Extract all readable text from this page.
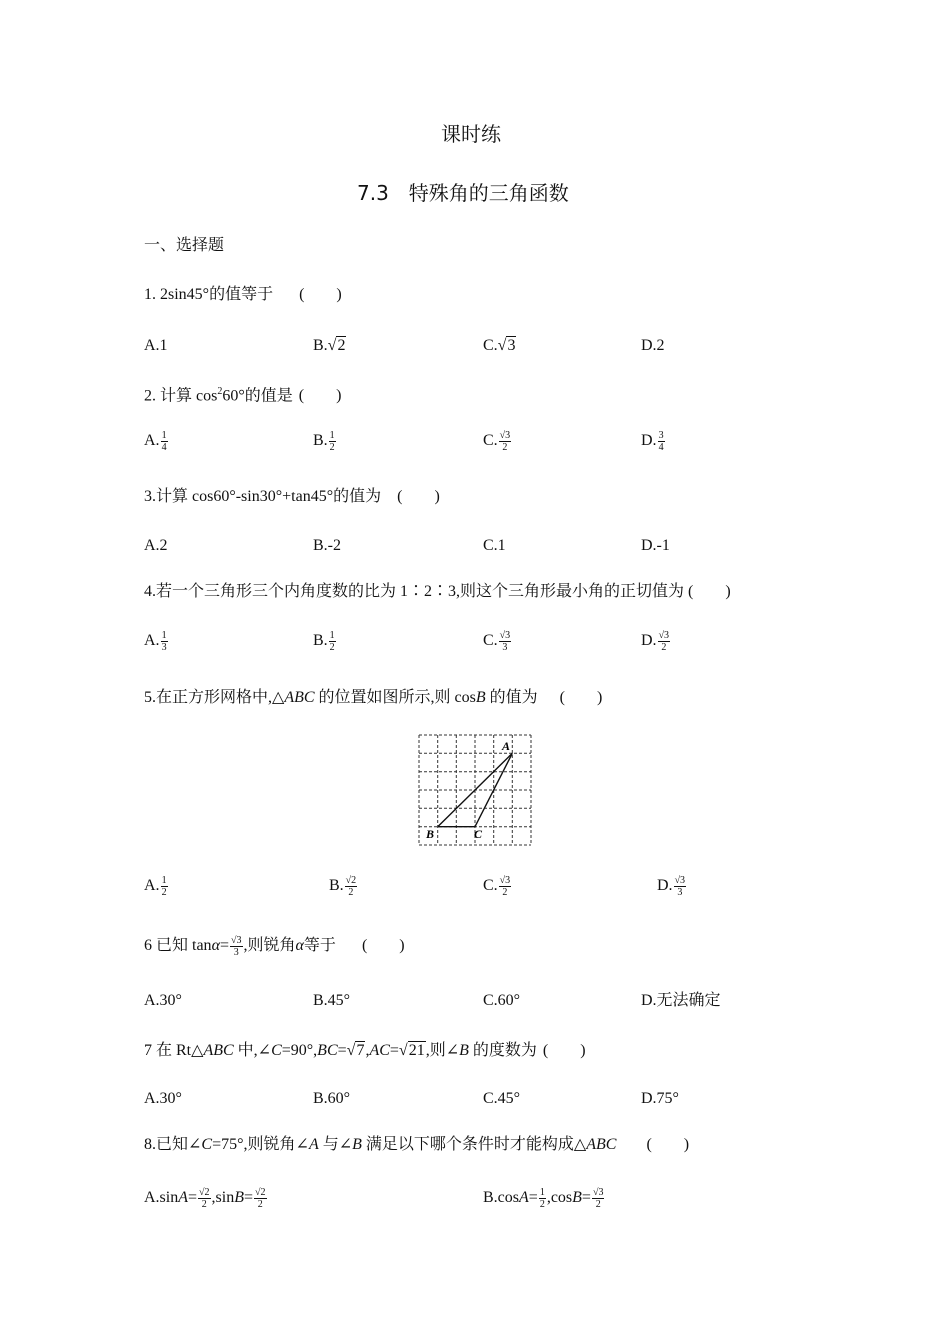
课时练
7.3　特殊角的三角函数
一、选择题
1. 2sin45°的值等于 (　　)
A.1	B.√2	C.√3	D.2
2. 计算 $\cos^260^\circ$的值是 (　　)
A. $\frac{1}{4}$	B. $\frac{1}{2}$	C. $\frac{√3}{2}$	D. $\frac{3}{4}$
3.计算 cos60°-sin30°+tan45°的值为 (　　)
A.2	B.-2	C.1	D.-1
4.若一个三角形三个内角度数的比为 1∶2∶3,则这个三角形最小角的正切值为 (　　)
A. $\frac{1}{3}$	B. $\frac{1}{2}$	C. $\frac{√3}{3}$	D. $\frac{√3}{2}$
5.在正方形网格中,△ABC 的位置如图所示,则 cosB 的值为 (　　)
A
B	C
A. $\frac{1}{2}$	B. $\frac{√2}{2}$	C. $\frac{√3}{2}$	D. $\frac{√3}{3}$
6 已知 $\tan\alpha= \frac{√3}{3}$ ,则锐角α等于 (　　)
A.30°	B.45°	C.60°	D.无法确定
7 在 Rt△ABC 中,∠C=90°,BC=√7,AC=√21,则∠B 的度数为 (　　)
A.30°	B.60°	C.45°	D.75°
8.已知∠C=75°,则锐角∠A 与∠B 满足以下哪个条件时才能构成△ABC (　　)
$A.\sin A= \frac{√2}{2} ,\sin B= \frac{√2}{2}$	$B.\cos A= \frac{1}{2} ,\cos B= \frac{√3}{2}$
